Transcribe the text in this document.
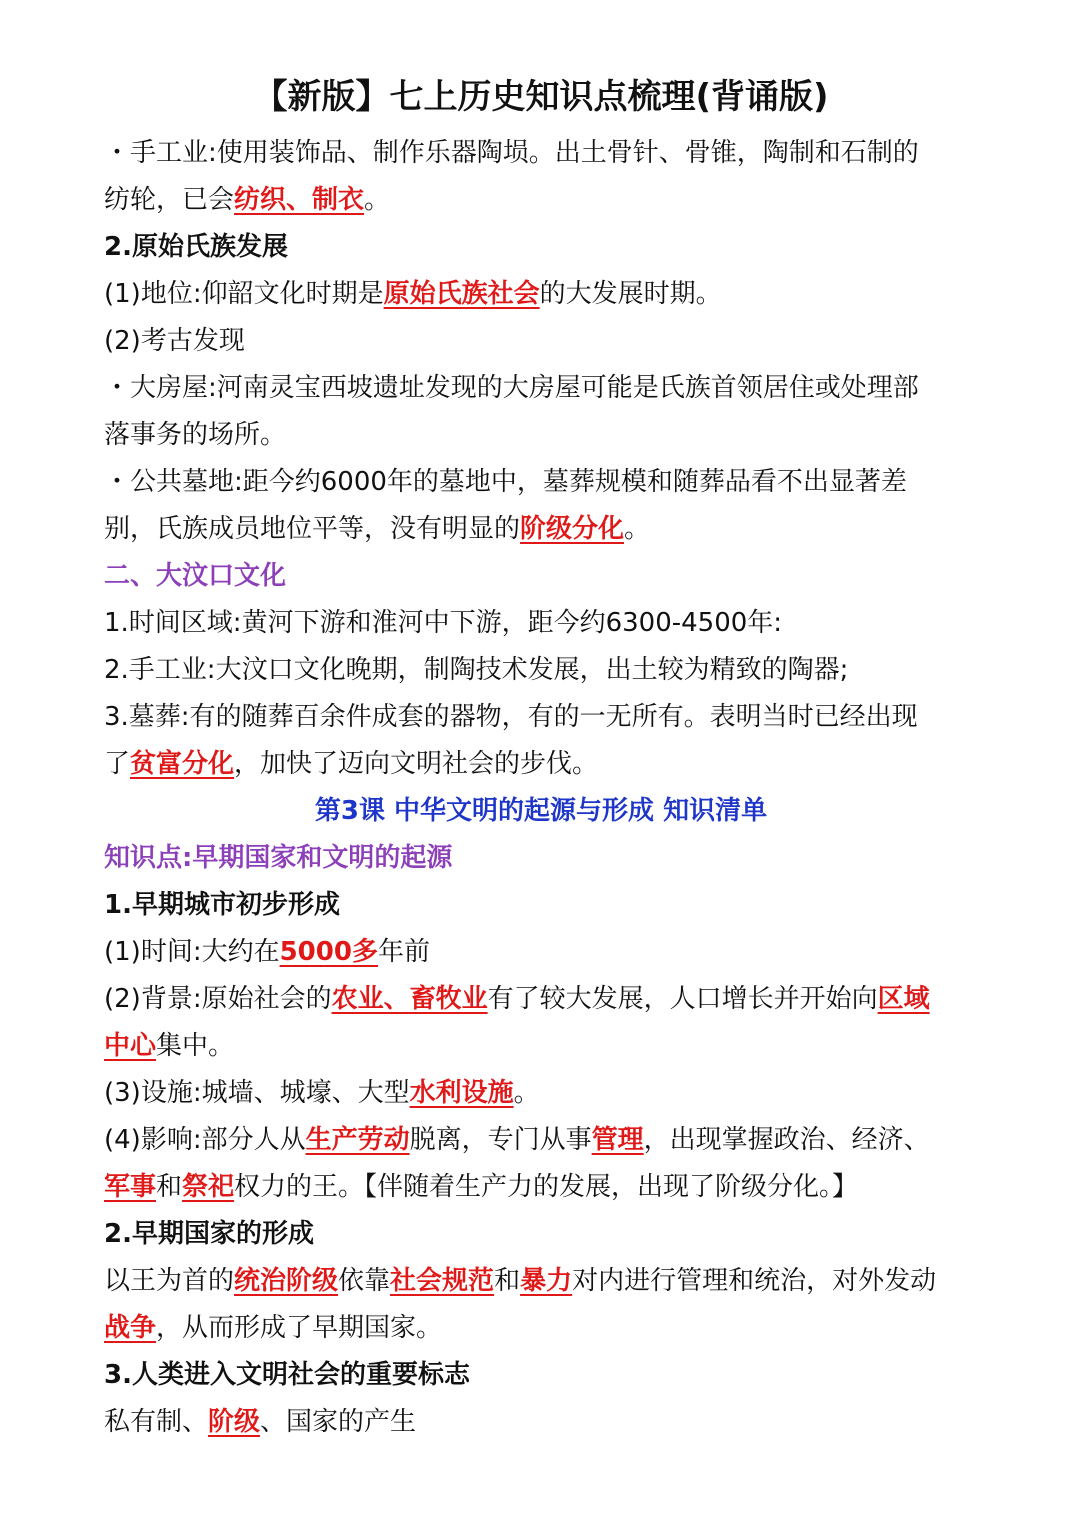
【新版】七上历史知识点梳理(背诵版)

・手工业:使用装饰品、制作乐器陶埙。出土骨针、骨锥，陶制和石制的

纺轮，已会纺织、制衣。

2.原始氏族发展

(1)地位:仰韶文化时期是原始氏族社会的大发展时期。

(2)考古发现

・大房屋:河南灵宝西坡遗址发现的大房屋可能是氏族首领居住或处理部

落事务的场所。

・公共墓地:距今约6000年的墓地中，墓葬规模和随葬品看不出显著差

别，氏族成员地位平等，没有明显的阶级分化。

二、大汶口文化

1.时间区域:黄河下游和淮河中下游，距今约6300-4500年:

2.手工业:大汶口文化晚期，制陶技术发展，出土较为精致的陶器;

3.墓葬:有的随葬百余件成套的器物，有的一无所有。表明当时已经出现

了贫富分化，加快了迈向文明社会的步伐。

第3课 中华文明的起源与形成 知识清单

知识点:早期国家和文明的起源

1.早期城市初步形成

(1)时间:大约在5000多年前

(2)背景:原始社会的农业、畜牧业有了较大发展，人口增长并开始向区域

中心集中。

(3)设施:城墙、城壕、大型水利设施。

(4)影响:部分人从生产劳动脱离，专门从事管理，出现掌握政治、经济、

军事和祭祀权力的王。【伴随着生产力的发展，出现了阶级分化。】

2.早期国家的形成

以王为首的统治阶级依靠社会规范和暴力对内进行管理和统治，对外发动

战争，从而形成了早期国家。

3.人类进入文明社会的重要标志

私有制、阶级、国家的产生
